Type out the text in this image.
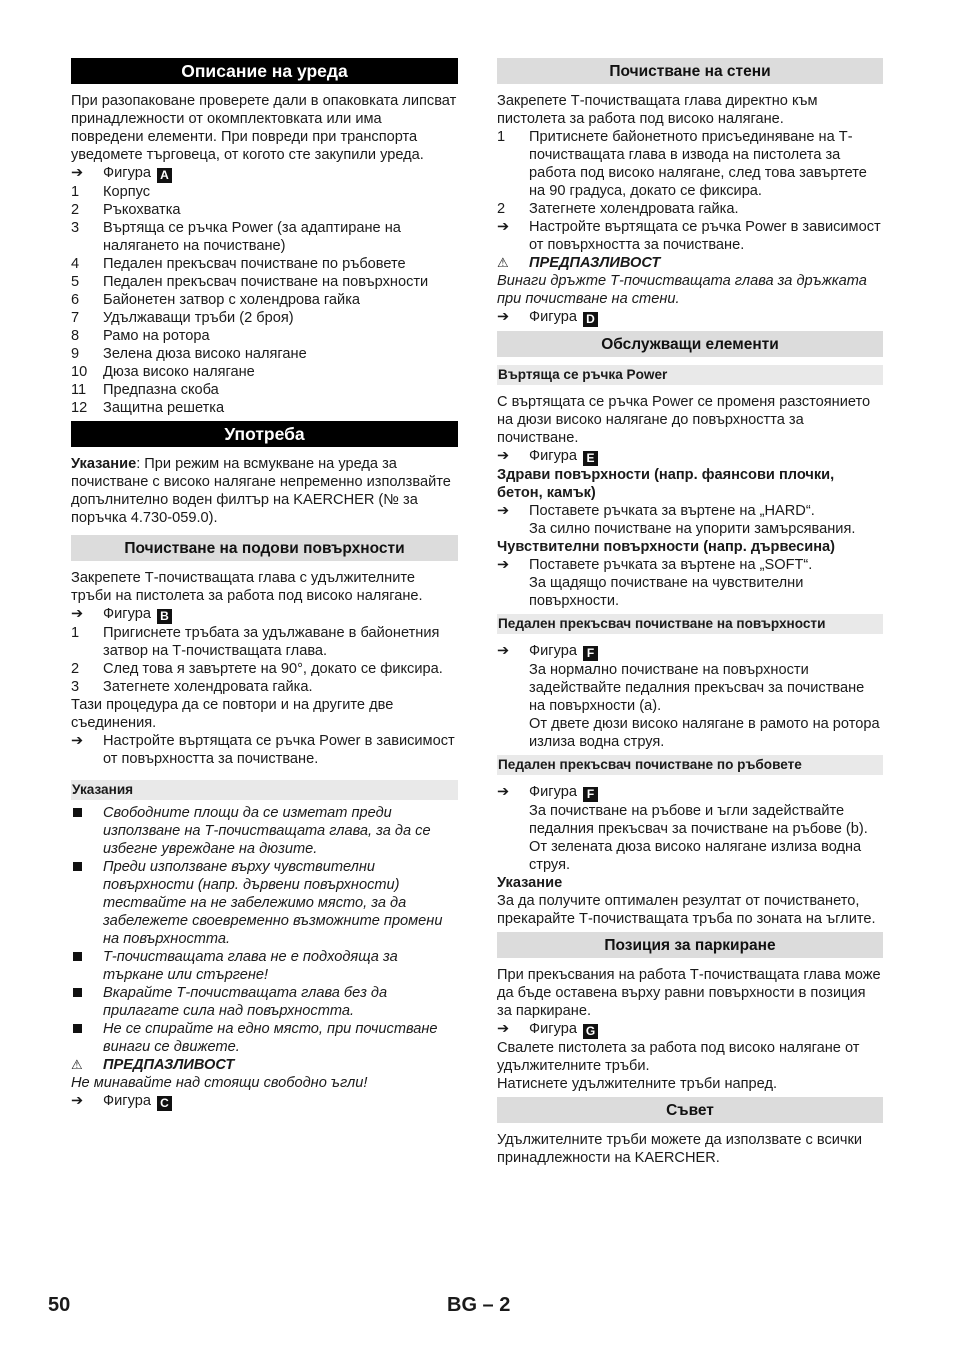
Описание на уреда

При разопаковане проверете дали в опаковката липсват принадлежности от окомплектовката или има повредени елементи. При повреди при транспорта уведомете търговеца, от когото сте закупили уреда.

➔	Фигура A
1	Корпус
2	Ръкохватка
3	Въртяща се ръчка Power (за адаптиране на налягането на почистване)
4	Педален прекъсвач почистване по ръбовете
5	Педален прекъсвач почистване на повърхности
6	Байонетен затвор с холендрова гайка
7	Удължаващи тръби (2 броя)
8	Рамо на ротора
9	Зелена дюза високо налягане
10	Дюза високо налягане
11	Предпазна скоба
12	Защитна решетка
Употреба

Указание: При режим на всмукване на уреда за почистване с високо налягане непременно използвайте допълнително воден филтър на KAERCHER (№ за поръчка 4.730-059.0).

Почистване на подови повърхности

Закрепете Т-почистващата глава с удължителните тръби на пистолета за работа под високо налягане.

➔	Фигура B
1	Пригиснете тръбата за удължаване в байонетния затвор на Т-почистващата глава.
2	След това я завъртете на 90°, докато се фиксира.
3	Затегнете холендровата гайка.

Тази процедура да се повтори и на другите две съединения.

➔	Настройте въртящата се ръчка Power в зависимост от повърхността за почистване.
Указания
Свободните площи да се изметат преди използване на Т-почистващата глава, за да се избегне увреждане на дюзите.
Преди използване върху чувствителни повърхности (напр. дървени повърхности) тествайте на не забележимо място, за да забележете своевременно възможните промени на повърхността.
Т-почистващата глава не е подходяща за търкане или стъргене!
Вкарайте Т-почистващата глава без да прилагате сила над повърхността.
Не се спирайте на едно място, при почистване винаги се движете.
⚠	ПРЕДПАЗЛИВОСТ

Не минавайте над стоящи свободно ъгли!

➔	Фигура C
Почистване на стени

Закрепете Т-почистващата глава директно към пистолета за работа под високо налягане.

1	Притиснете байонетното присъединяване на Т-почистващата глава в извода на пистолета за работа под високо налягане, след това завъртете на 90 градуса, докато се фиксира.
2	Затегнете холендровата гайка.
➔	Настройте въртящата се ръчка Power в зависимост от повърхността за почистване.
⚠	ПРЕДПАЗЛИВОСТ

Винаги дръжте Т-почистващата глава за дръжката при почистване на стени.

➔	Фигура D
Обслужващи елементи
Въртяща се ръчка Power

С въртящата се ръчка Power се променя разстоянието на дюзи високо налягане до повърхността за почистване.

➔	Фигура E

Здрави повърхности (напр. фаянсови плочки, бетон, камък)

➔	Поставете ръчката за въртене на „HARD“.
За силно почистване на упорити замърсявания.

Чувствителни повърхности (напр. дървесина)

➔	Поставете ръчката за въртене на „SOFT“.
За щадящо почистване на чувствителни повърхности.
Педален прекъсвач почистване на повърхности
➔	Фигура F
За нормално почистване на повърхности задействайте педалния прекъсвач за почистване на повърхности (a).
От двете дюзи високо налягане в рамото на ротора излиза водна струя.
Педален прекъсвач почистване по ръбовете
➔	Фигура F
За почистване на ръбове и ъгли задействайте педалния прекъсвач за почистване на ръбове (b).
От зелената дюза високо налягане излиза водна струя.

Указание

За да получите оптимален резултат от почистването, прекарайте Т-почистващата тръба по зоната на ъглите.

Позиция за паркиране

При прекъсвания на работа Т-почистващата глава може да бъде оставена върху равни повърхности в позиция за паркиране.

➔	Фигура G

Свалете пистолета за работа под високо налягане от удължителните тръби.

Натиснете удължителните тръби напред.

Съвет

Удължителните тръби можете да използвате с всички принадлежности на KAERCHER.

50	BG – 2
